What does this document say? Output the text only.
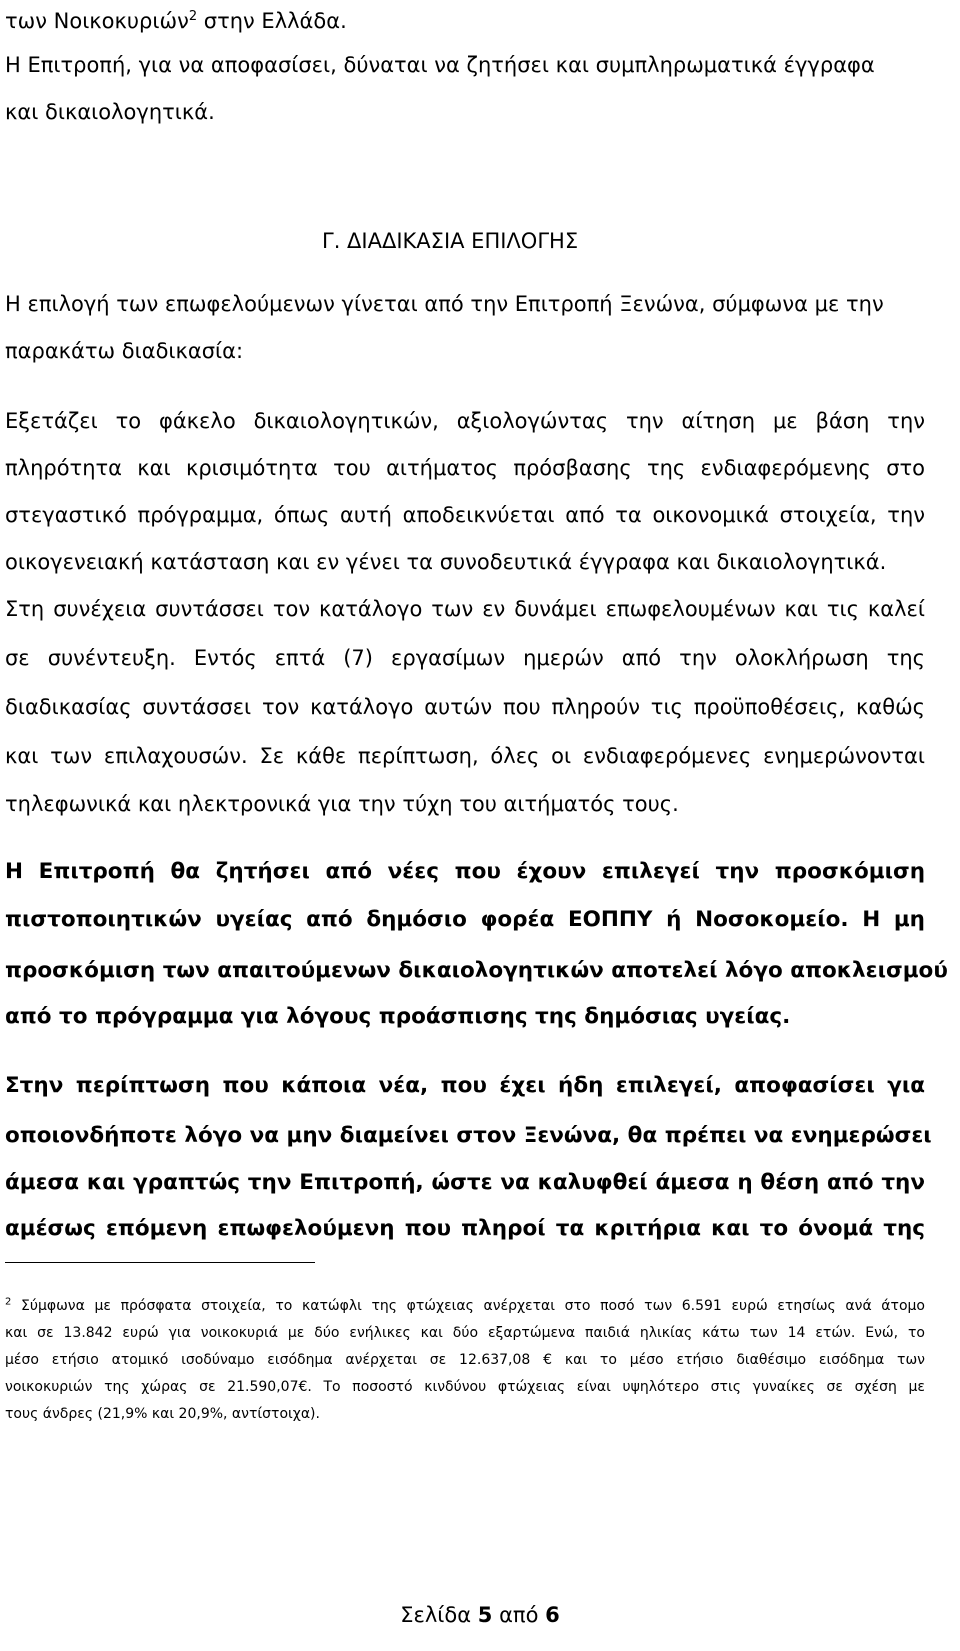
των Νοικοκυριών$^2$ στην Ελλάδα.
Η Επιτροπή, για να αποφασίσει, δύναται να ζητήσει και συμπληρωματικά έγγραφα
και δικαιολογητικά.
Γ. ΔΙΑΔΙΚΑΣΙΑ ΕΠΙΛΟΓΗΣ
Η επιλογή των επωφελούμενων γίνεται από την Επιτροπή Ξενώνα, σύμφωνα με την
παρακάτω διαδικασία:
Εξετάζει το φάκελο δικαιολογητικών, αξιολογώντας την αίτηση με βάση την
πληρότητα και κρισιμότητα του αιτήματος πρόσβασης της ενδιαφερόμενης στο
στεγαστικό πρόγραμμα, όπως αυτή αποδεικνύεται από τα οικονομικά στοιχεία, την
οικογενειακή κατάσταση και εν γένει τα συνοδευτικά έγγραφα και δικαιολογητικά.
Στη συνέχεια συντάσσει τον κατάλογο των εν δυνάμει επωφελουμένων και τις καλεί
σε συνέντευξη. Εντός επτά (7) εργασίμων ημερών από την ολοκλήρωση της
διαδικασίας συντάσσει τον κατάλογο αυτών που πληρούν τις προϋποθέσεις, καθώς
και των επιλαχουσών. Σε κάθε περίπτωση, όλες οι ενδιαφερόμενες ενημερώνονται
τηλεφωνικά και ηλεκτρονικά για την τύχη του αιτήματός τους.
Η Επιτροπή θα ζητήσει από νέες που έχουν επιλεγεί την προσκόμιση
πιστοποιητικών υγείας από δημόσιο φορέα ΕΟΠΠΥ ή Νοσοκομείο. Η μη
προσκόμιση των απαιτούμενων δικαιολογητικών αποτελεί λόγο αποκλεισμού
από το πρόγραμμα για λόγους προάσπισης της δημόσιας υγείας.
Στην περίπτωση που κάποια νέα, που έχει ήδη επιλεγεί, αποφασίσει για
οποιονδήποτε λόγο να μην διαμείνει στον Ξενώνα, θα πρέπει να ενημερώσει
άμεσα και γραπτώς την Επιτροπή, ώστε να καλυφθεί άμεσα η θέση από την
αμέσως επόμενη επωφελούμενη που πληροί τα κριτήρια και το όνομά της
$^2$ Σύμφωνα με πρόσφατα στοιχεία, το κατώφλι της φτώχειας ανέρχεται στο ποσό των 6.591 ευρώ ετησίως ανά άτομο
και σε 13.842 ευρώ για νοικοκυριά με δύο ενήλικες και δύο εξαρτώμενα παιδιά ηλικίας κάτω των 14 ετών. Ενώ, το
μέσο ετήσιο ατομικό ισοδύναμο εισόδημα ανέρχεται σε 12.637,08 € και το μέσο ετήσιο διαθέσιμο εισόδημα των
νοικοκυριών της χώρας σε 21.590,07€. Το ποσοστό κινδύνου φτώχειας είναι υψηλότερο στις γυναίκες σε σχέση με
τους άνδρες (21,9% και 20,9%, αντίστοιχα).
Σελίδα 5 από 6
